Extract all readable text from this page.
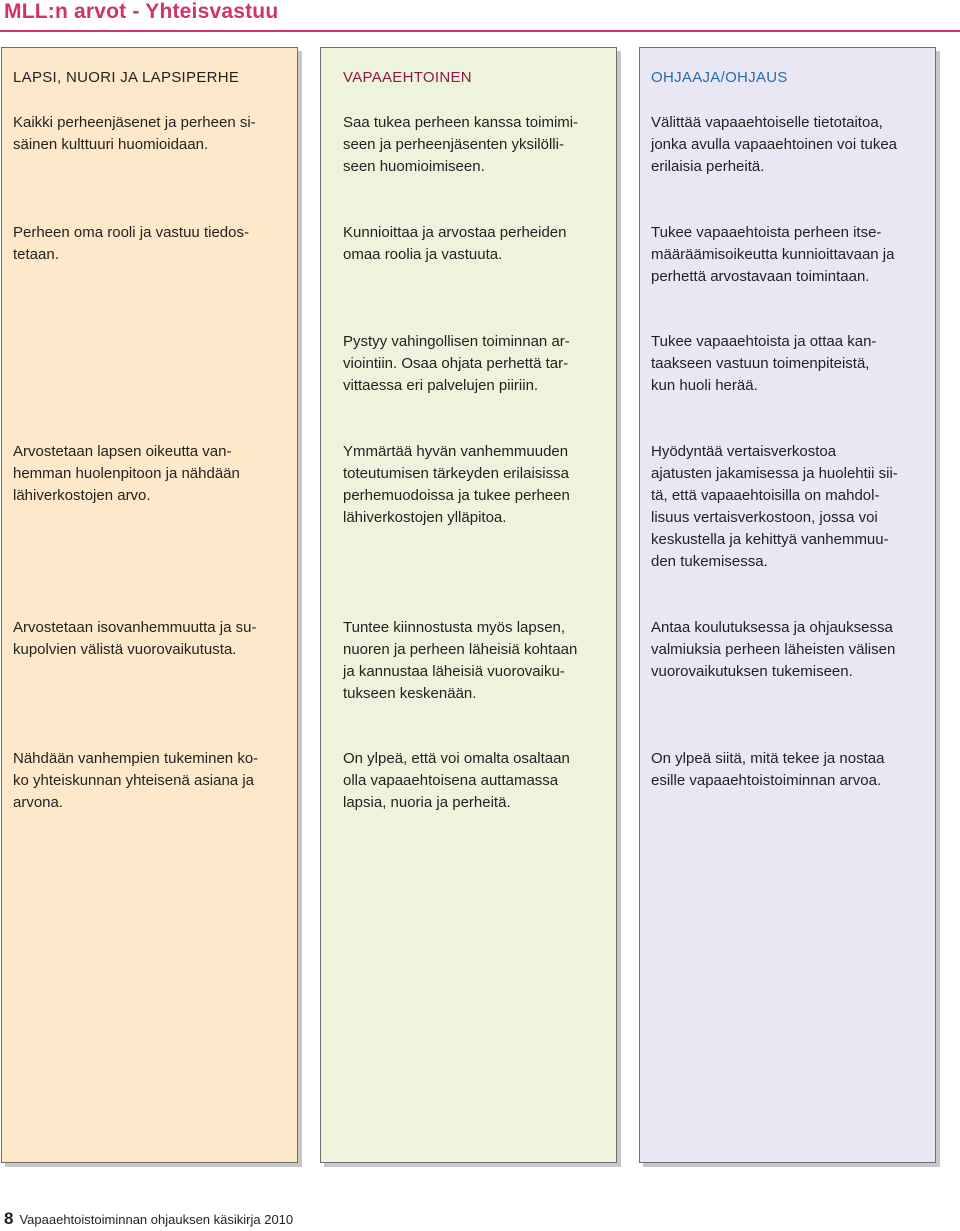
MLL:n arvot - Yhteisvastuu
LAPSI, NUORI JA LAPSIPERHE
Kaikki perheenjäsenet ja perheen si-
säinen kulttuuri huomioidaan.
Perheen oma rooli ja vastuu tiedos-
tetaan.
Arvostetaan lapsen oikeutta van-
hemman huolenpitoon ja nähdään
lähiverkostojen arvo.
Arvostetaan isovanhemmuutta ja su-
kupolvien välistä vuorovaikutusta.
Nähdään vanhempien tukeminen ko-
ko yhteiskunnan yhteisenä asiana ja
arvona.
VAPAAEHTOINEN
Saa tukea perheen kanssa toimimi-
seen ja perheenjäsenten yksilölli-
seen huomioimiseen.
Kunnioittaa ja arvostaa perheiden
omaa roolia ja vastuuta.
Pystyy vahingollisen toiminnan ar-
viointiin. Osaa ohjata perhettä tar-
vittaessa eri palvelujen piiriin.
Ymmärtää hyvän vanhemmuuden
toteutumisen tärkeyden erilaisissa
perhemuodoissa ja tukee perheen
lähiverkostojen ylläpitoa.
Tuntee kiinnostusta myös lapsen,
nuoren ja perheen läheisiä kohtaan
ja kannustaa läheisiä vuorovaiku-
tukseen keskenään.
On ylpeä, että voi omalta osaltaan
olla vapaaehtoisena auttamassa
lapsia, nuoria ja perheitä.
OHJAAJA/OHJAUS
Välittää vapaaehtoiselle tietotaitoa,
jonka avulla vapaaehtoinen voi tukea
erilaisia perheitä.
Tukee vapaaehtoista perheen itse-
määräämisoikeutta kunnioittavaan ja
perhettä arvostavaan toimintaan.
Tukee vapaaehtoista ja ottaa kan-
taakseen vastuun toimenpiteistä,
kun huoli herää.
Hyödyntää vertaisverkostoa
ajatusten jakamisessa ja huolehtii sii-
tä, että vapaaehtoisilla on mahdol-
lisuus vertaisverkostoon, jossa voi
keskustella ja kehittyä vanhemmuu-
den tukemisessa.
Antaa koulutuksessa ja ohjauksessa
valmiuksia perheen läheisten välisen
vuorovaikutuksen tukemiseen.
On ylpeä siitä, mitä tekee ja nostaa
esille vapaaehtoistoiminnan arvoa.
8 Vapaaehtoistoiminnan ohjauksen käsikirja 2010
